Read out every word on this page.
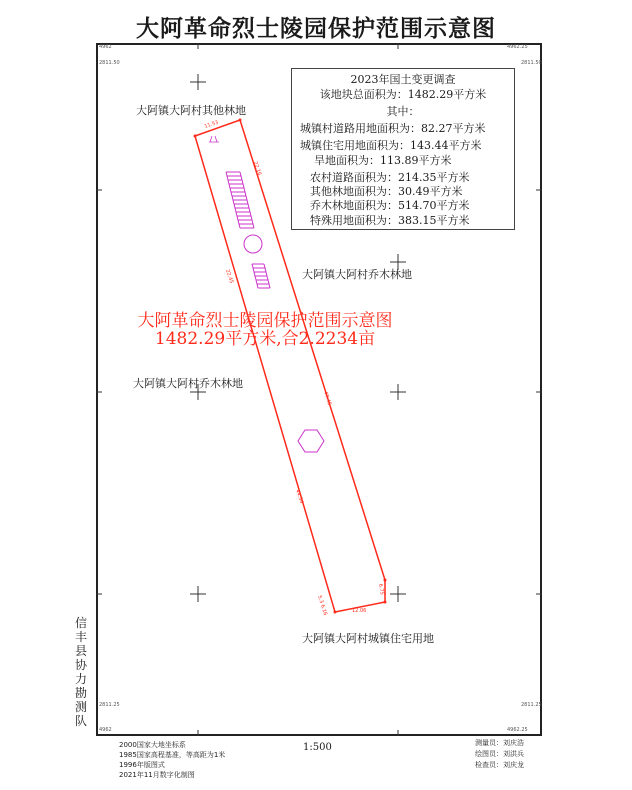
大阿革命烈士陵园保护范围示意图
4962
2811.50
4962.25
2811.50
2811.25
4962
2811.25
4962.25
11.53
22.16
22.45
47.45
44.34
6.75
12.06
5.3 6.16
2023年国土变更调查
该地块总面积为：1482.29平方米
其中：
城镇村道路用地面积为：82.27平方米
城镇住宅用地面积为：143.44平方米
旱地面积为：113.89平方米
农村道路面积为：214.35平方米
其他林地面积为：30.49平方米
乔木林地面积为：514.70平方米
特殊用地面积为：383.15平方米
大阿镇大阿村其他林地
大阿镇大阿村乔木林地
大阿镇大阿村乔木林地
大阿镇大阿村城镇住宅用地
大阿革命烈士陵园保护范围示意图
1482.29平方米,合2.2234亩
信丰县协力勘测队
2000国家大地坐标系
1985国家高程基准，等高距为1米
1996年版图式
2021年11月数字化制图
1:500	测量员：刘庆浩
绘图员：刘洪兵
检查员：刘庆龙
